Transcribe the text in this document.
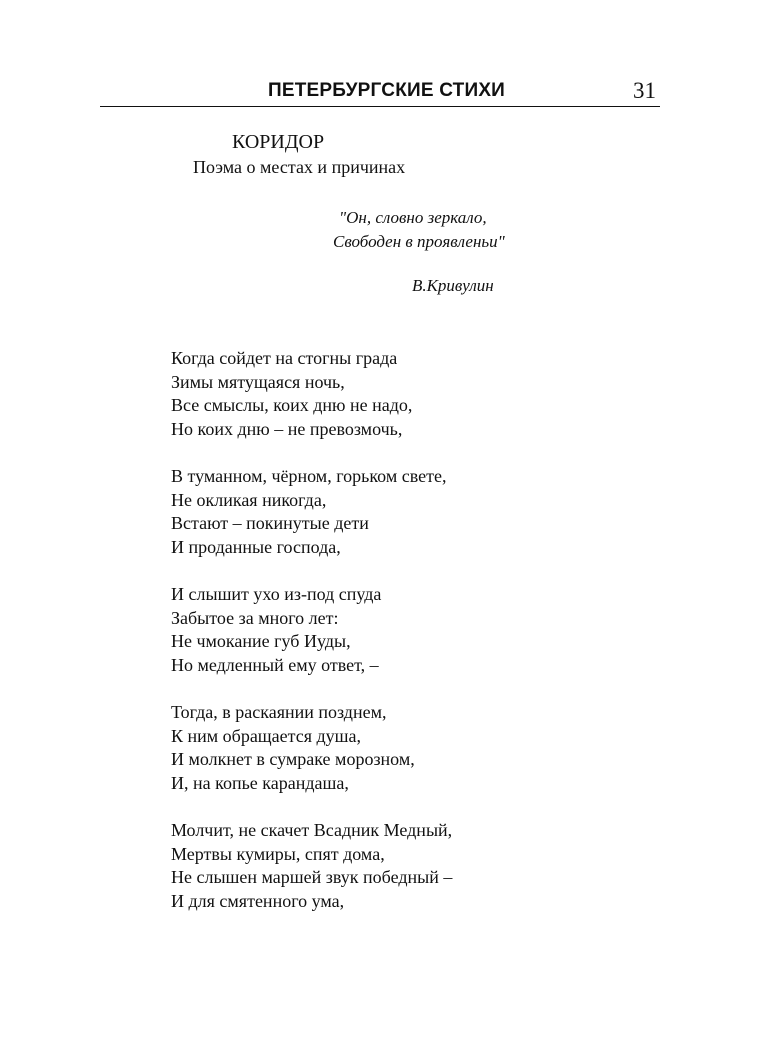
ПЕТЕРБУРГСКИЕ СТИХИ	31
КОРИДОР
Поэма о местах и причинах
"Он, словно зеркало,
Свободен в проявленьи"
В.Кривулин
Когда сойдет на стогны града
Зимы мятущаяся ночь,
Все смыслы, коих дню не надо,
Но коих дню – не превозмочь,
В туманном, чёрном, горьком свете,
Не окликая никогда,
Встают – покинутые дети
И проданные господа,
И слышит ухо из-под спуда
Забытое за много лет:
Не чмокание губ Иуды,
Но медленный ему ответ, –
Тогда, в раскаянии позднем,
К ним обращается душа,
И молкнет в сумраке морозном,
И, на копье карандаша,
Молчит, не скачет Всадник Медный,
Мертвы кумиры, спят дома,
Не слышен маршей звук победный –
И для смятенного ума,
